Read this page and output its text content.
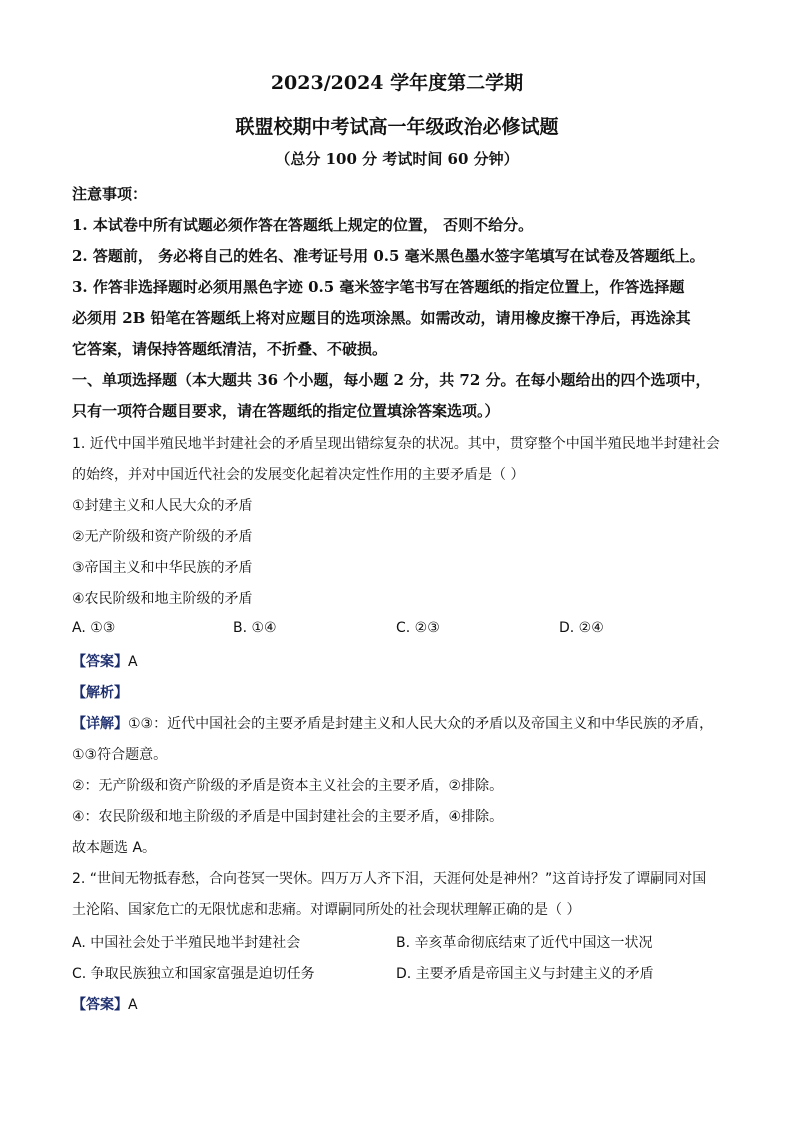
2023/2024 学年度第二学期
联盟校期中考试高一年级政治必修试题
（总分 100 分 考试时间 60 分钟）
注意事项：
1. 本试卷中所有试题必须作答在答题纸上规定的位置， 否则不给分。
2. 答题前， 务必将自己的姓名、准考证号用 0.5 毫米黑色墨水签字笔填写在试卷及答题纸上。
3. 作答非选择题时必须用黑色字迹 0.5 毫米签字笔书写在答题纸的指定位置上，作答选择题
必须用 2B 铅笔在答题纸上将对应题目的选项涂黑。如需改动，请用橡皮擦干净后，再选涂其
它答案，请保持答题纸清洁，不折叠、不破损。
一、单项选择题（本大题共 36 个小题，每小题 2 分，共 72 分。在每小题给出的四个选项中，
只有一项符合题目要求，请在答题纸的指定位置填涂答案选项。）
1. 近代中国半殖民地半封建社会的矛盾呈现出错综复杂的状况。其中，贯穿整个中国半殖民地半封建社会
的始终，并对中国近代社会的发展变化起着决定性作用的主要矛盾是（ ）
①封建主义和人民大众的矛盾
②无产阶级和资产阶级的矛盾
③帝国主义和中华民族的矛盾
④农民阶级和地主阶级的矛盾
A. ①③	B. ①④	C. ②③	D. ②④
【答案】A
【解析】
【详解】①③：近代中国社会的主要矛盾是封建主义和人民大众的矛盾以及帝国主义和中华民族的矛盾，
①③符合题意。
②：无产阶级和资产阶级的矛盾是资本主义社会的主要矛盾，②排除。
④：农民阶级和地主阶级的矛盾是中国封建社会的主要矛盾，④排除。
故本题选 A。
2. “世间无物抵春愁，合向苍冥一哭休。四万万人齐下泪，天涯何处是神州？”这首诗抒发了谭嗣同对国
土沦陷、国家危亡的无限忧虑和悲痛。对谭嗣同所处的社会现状理解正确的是（ ）
A. 中国社会处于半殖民地半封建社会	B. 辛亥革命彻底结束了近代中国这一状况
C. 争取民族独立和国家富强是迫切任务	D. 主要矛盾是帝国主义与封建主义的矛盾
【答案】A
